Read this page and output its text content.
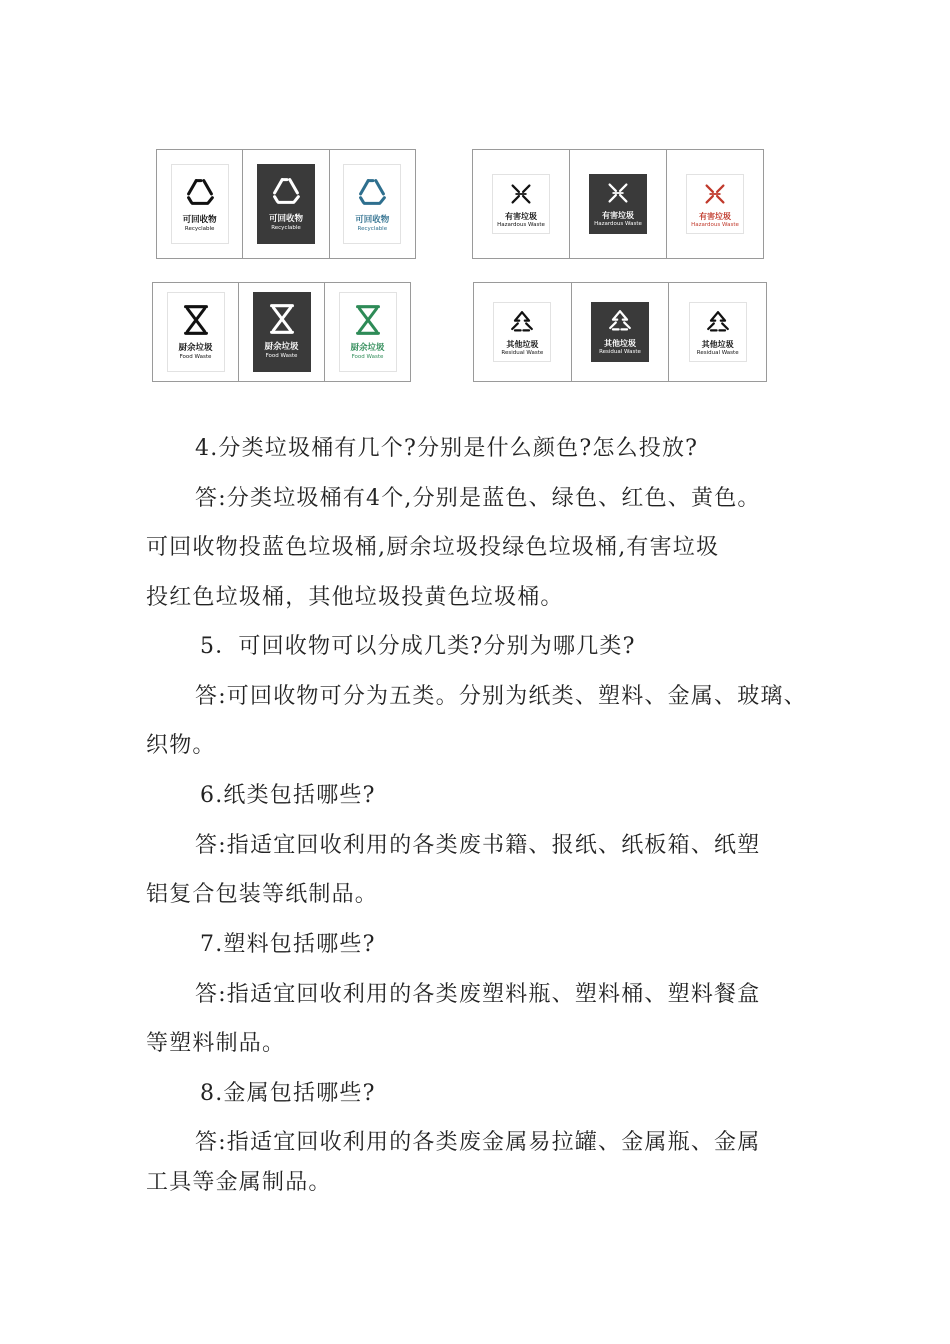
可回收物
Recyclable
可回收物
Recyclable
可回收物
Recyclable
有害垃圾
Hazardous Waste
有害垃圾
Hazardous Waste
有害垃圾
Hazardous Waste
厨余垃圾
Food Waste
厨余垃圾
Food Waste
厨余垃圾
Food Waste
其他垃圾
Residual Waste
其他垃圾
Residual Waste
其他垃圾
Residual Waste

4.分类垃圾桶有几个?分别是什么颜色?怎么投放?

答:分类垃圾桶有4个,分别是蓝色、绿色、红色、黄色。

可回收物投蓝色垃圾桶,厨余垃圾投绿色垃圾桶,有害垃圾

投红色垃圾桶，其他垃圾投黄色垃圾桶。

5．可回收物可以分成几类?分别为哪几类?

答:可回收物可分为五类。分别为纸类、塑料、金属、玻璃、

织物。

6.纸类包括哪些?

答:指适宜回收利用的各类废书籍、报纸、纸板箱、纸塑

铝复合包装等纸制品。

7.塑料包括哪些?

答:指适宜回收利用的各类废塑料瓶、塑料桶、塑料餐盒

等塑料制品。

8.金属包括哪些?

答:指适宜回收利用的各类废金属易拉罐、金属瓶、金属

工具等金属制品。
